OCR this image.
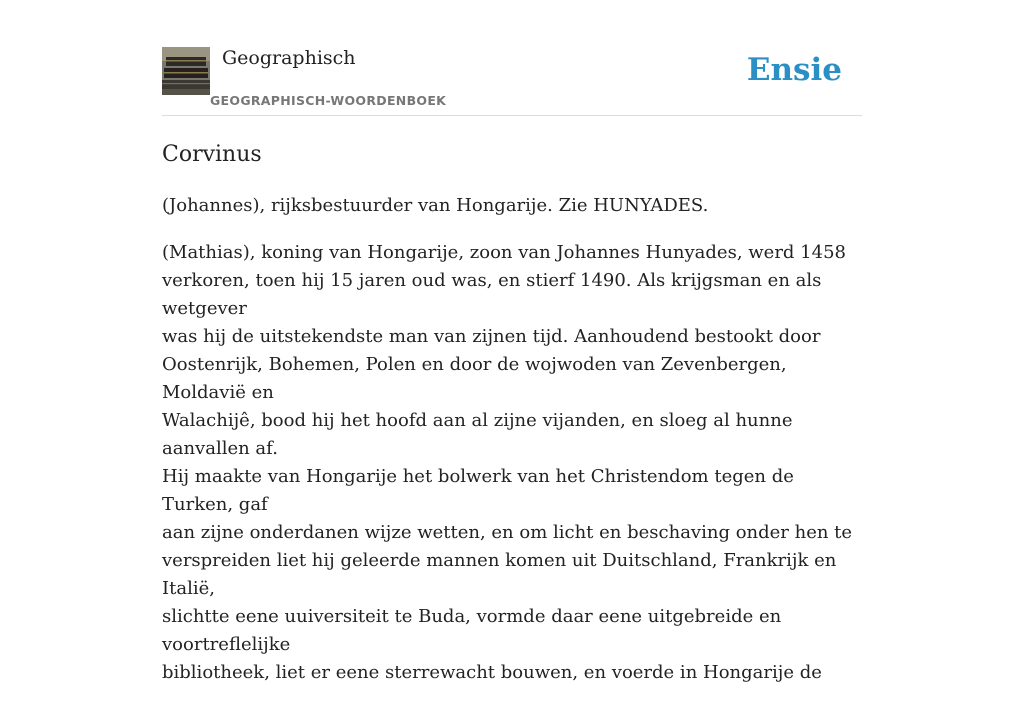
Geographisch
GEOGRAPHISCH-WOORDENBOEK
Ensie
Corvinus

(Johannes), rijksbestuurder van Hongarije. Zie HUNYADES.

(Mathias), koning van Hongarije, zoon van Johannes Hunyades, werd 1458
verkoren, toen hij 15 jaren oud was, en stierf 1490. Als krijgsman en als wetgever
was hij de uitstekendste man van zijnen tijd. Aanhoudend bestookt door
Oostenrijk, Bohemen, Polen en door de wojwoden van Zevenbergen, Moldavië en
Walachijê, bood hij het hoofd aan al zijne vijanden, en sloeg al hunne aanvallen af.
Hij maakte van Hongarije het bolwerk van het Christendom tegen de Turken, gaf
aan zijne onderdanen wijze wetten, en om licht en beschaving onder hen te
verspreiden liet hij geleerde mannen komen uit Duitschland, Frankrijk en Italië,
slichtte eene uuiversiteit te Buda, vormde daar eene uitgebreide en voortreflelijke
bibliotheek, liet er eene sterrewacht bouwen, en voerde in Hongarije de
